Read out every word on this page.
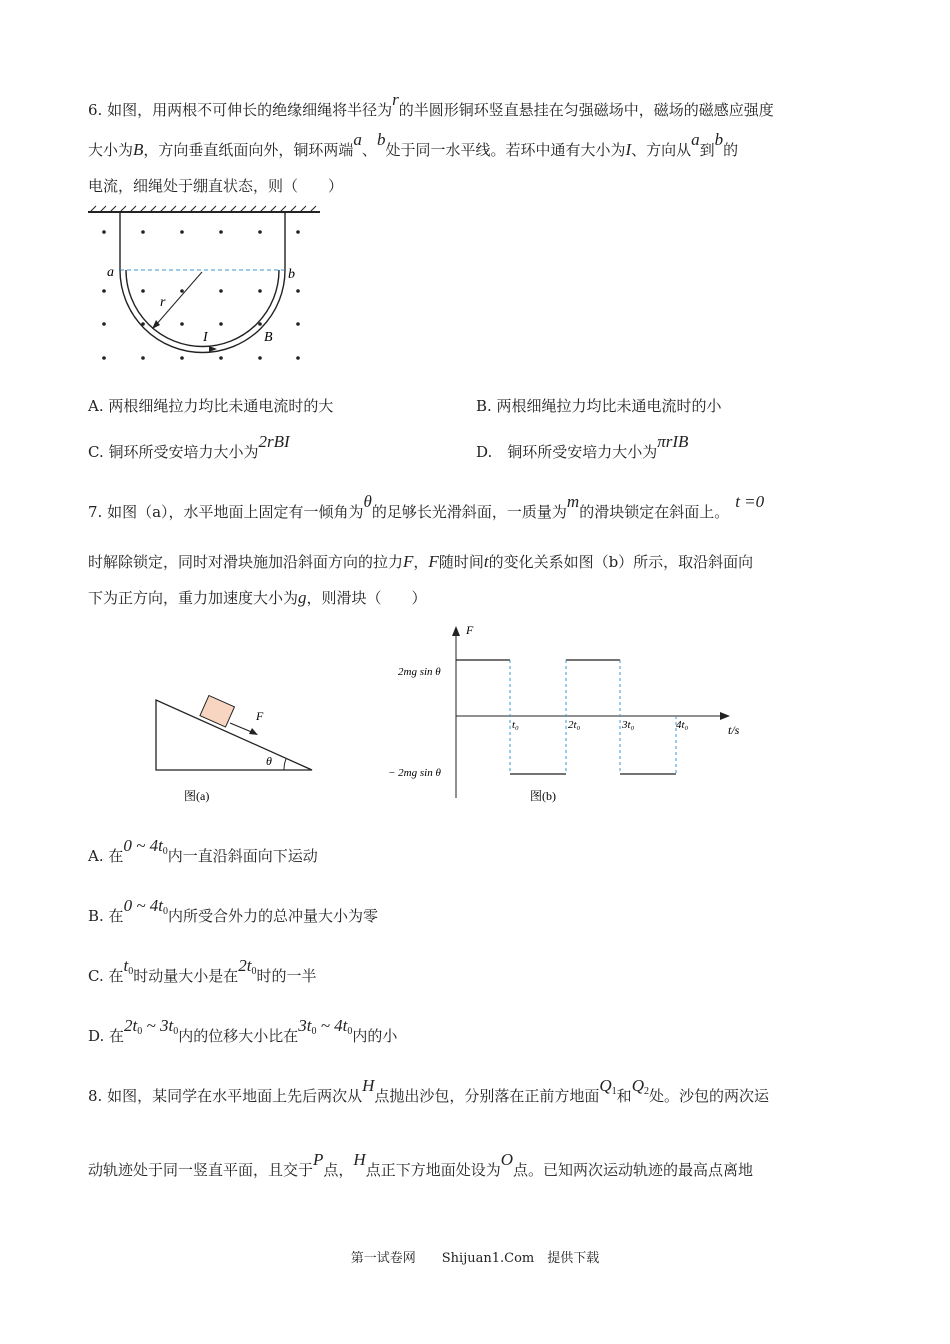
6. 如图，用两根不可伸长的绝缘细绳将半径为r的半圆形铜环竖直悬挂在匀强磁场中，磁场的磁感应强度
大小为B，方向垂直纸面向外，铜环两端a、b处于同一水平线。若环中通有大小为I、方向从a到b的
电流，细绳处于绷直状态，则（　　）
a	b
r
I	B
A. 两根细绳拉力均比未通电流时的大	B. 两根细绳拉力均比未通电流时的小
C. 铜环所受安培力大小为2rBI
D.　铜环所受安培力大小为πrIB
7. 如图（a），水平地面上固定有一倾角为θ的足够长光滑斜面，一质量为m的滑块锁定在斜面上。t =0
时解除锁定，同时对滑块施加沿斜面方向的拉力F，F随时间t的变化关系如图（b）所示，取沿斜面向
下为正方向，重力加速度大小为g，则滑块（　　）
F
θ
图(a)
F
t/s
2mg sin θ
− 2mg sin θ
t₀	2t₀	3t₀	4t₀
图(b)
A. 在0 ~ $4t_0$内一直沿斜面向下运动
B. 在0 ~ $4t_0$内所受合外力的总冲量大小为零
C. 在$t_0$时动量大小是在$2t_0$时的一半
D. 在$2t_0$ ~ $3t_0$内的位移大小比在$3t_0$ ~ $4t_0$内的小
8. 如图，某同学在水平地面上先后两次从H点抛出沙包，分别落在正前方地面$Q_1$和$Q_2$处。沙包的两次运
动轨迹处于同一竖直平面，且交于P点，H点正下方地面处设为O点。已知两次运动轨迹的最高点离地
第一试卷网　　Shijuan1.Com　提供下载
